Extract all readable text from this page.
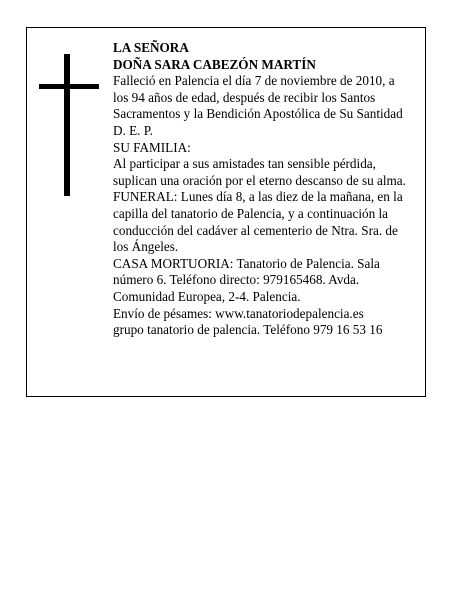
LA SEÑORA

DOÑA SARA CABEZÓN MARTÍN

Falleció en Palencia el día 7 de noviembre de 2010, a
los 94 años de edad, después de recibir los Santos
Sacramentos y la Bendición Apostólica de Su Santidad
D. E. P.

SU FAMILIA:

Al participar a sus amistades tan sensible pérdida,
suplican una oración por el eterno descanso de su alma.

FUNERAL: Lunes día 8, a las diez de la mañana, en la
capilla del tanatorio de Palencia, y a continuación la
conducción del cadáver al cementerio de Ntra. Sra. de
los Ángeles.

CASA MORTUORIA: Tanatorio de Palencia. Sala
número 6. Teléfono directo: 979165468. Avda.
Comunidad Europea, 2-4. Palencia.

Envío de pésames: www.tanatoriodepalencia.es
grupo tanatorio de palencia. Teléfono 979 16 53 16
